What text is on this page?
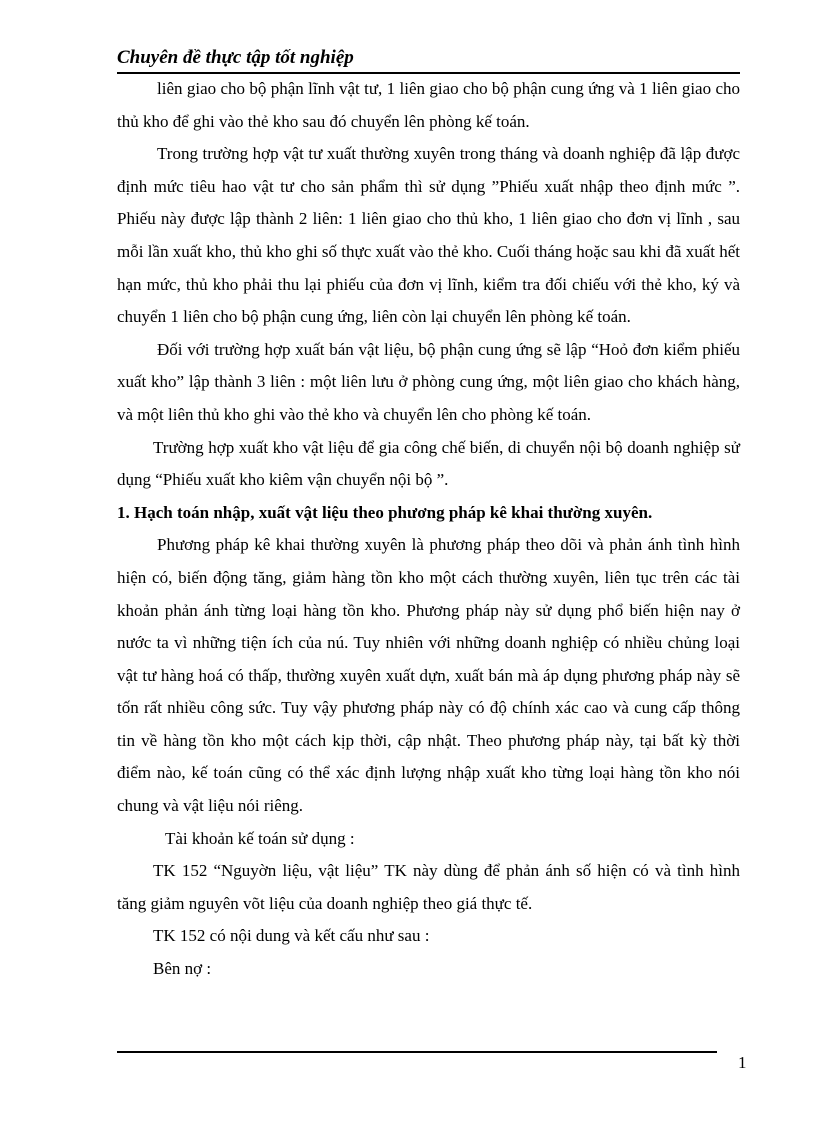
Chuyên đề thực tập tốt nghiệp

liên giao cho bộ phận lĩnh vật tư, 1 liên giao cho bộ phận cung ứng và 1 liên giao cho thủ kho để ghi vào thẻ kho sau đó chuyển lên phòng kế toán.

Trong trường hợp vật tư xuất thường xuyên trong tháng và doanh nghiệp đã lập được định mức tiêu hao vật tư cho sản phẩm thì sử dụng ”Phiếu xuất nhập theo định mức ”. Phiếu này được lập thành 2 liên: 1 liên giao cho thủ kho, 1 liên giao cho đơn vị lĩnh , sau mỗi lần xuất kho, thủ kho ghi số thực xuất vào thẻ kho. Cuối tháng hoặc sau khi đã xuất hết hạn mức, thủ kho phải thu lại phiếu của đơn vị lĩnh, kiểm tra đối chiếu với thẻ kho, ký và chuyển 1 liên cho bộ phận cung ứng, liên còn lại chuyển lên phòng kế toán.

Đối với trường hợp xuất bán vật liệu, bộ phận cung ứng sẽ lập “Hoỏ đơn kiểm phiếu xuất kho” lập thành 3 liên : một liên lưu ở phòng cung ứng, một liên giao cho khách hàng, và một liên thủ kho ghi vào thẻ kho và chuyển lên cho phòng kế toán.

Trường hợp xuất kho vật liệu để gia công chế biến, di chuyển nội bộ doanh nghiệp sử dụng “Phiếu xuất kho kiêm vận chuyển nội bộ ”.

1. Hạch toán nhập, xuất vật liệu theo phương pháp kê khai thường xuyên.

Phương pháp kê khai thường xuyên là phương pháp theo dõi và phản ánh tình hình hiện có, biến động tăng, giảm hàng tồn kho một cách thường xuyên, liên tục trên các tài khoản phản ánh từng loại hàng tồn kho. Phương pháp này sử dụng phổ biến hiện nay ở nước ta vì những tiện ích của nú. Tuy nhiên với những doanh nghiệp có nhiều chủng loại vật tư hàng hoá có thấp, thường xuyên xuất dựn, xuất bán mà áp dụng phương pháp này sẽ tốn rất nhiều công sức. Tuy vậy phương pháp này có độ chính xác cao và cung cấp thông tin về hàng tồn kho một cách kịp thời, cập nhật. Theo phương pháp này, tại bất kỳ thời điểm nào, kế toán cũng có thể xác định lượng nhập xuất kho từng loại hàng tồn kho nói chung và vật liệu nói riêng.

Tài khoản kế toán sử dụng :

TK 152 “Nguyờn liệu, vật liệu” TK này dùng để phản ánh số hiện có và tình hình tăng giảm nguyên võt liệu của doanh nghiệp theo giá thực tế.

TK 152 có nội dung và kết cấu như sau :

Bên nợ :

1
